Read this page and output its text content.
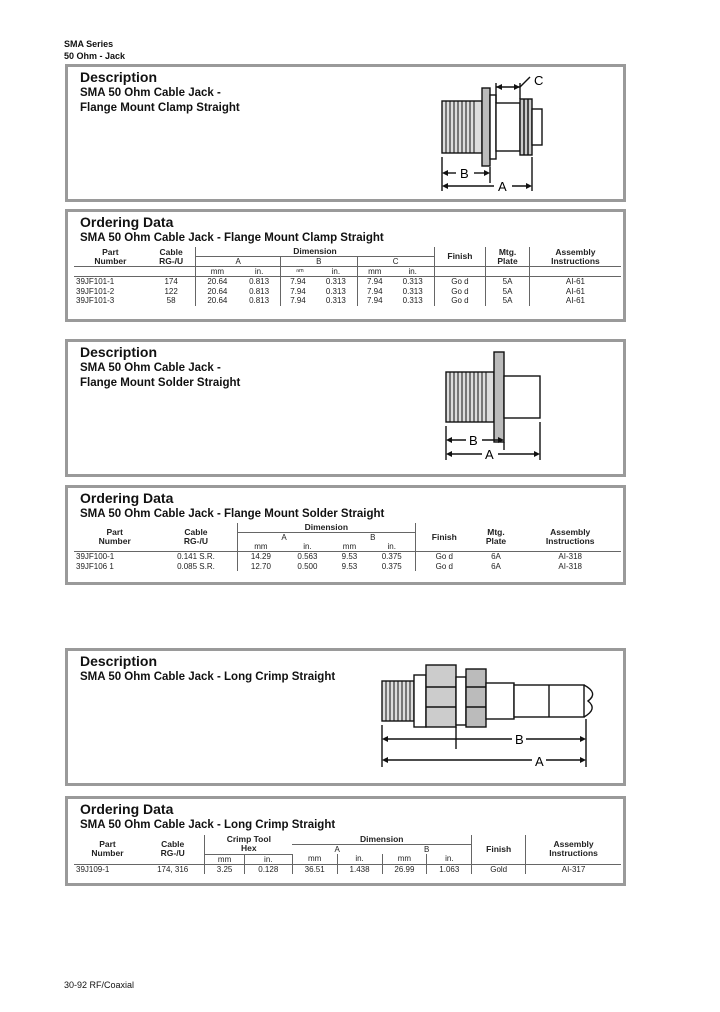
SMA Series
50 Ohm - Jack
Description
SMA 50 Ohm Cable Jack -
Flange Mount Clamp Straight
C
B
A
Ordering Data
SMA 50 Ohm Cable Jack - Flange Mount Clamp Straight
Part
Number	Cable
RG-/U	Dimension						Finish	Mtg.
Plate	Assembly
Instructions
		A		B		C				
		mm	in.	 ⁿᵐ	in.	mm	in.			
39JF101-1	174	20.64	0.813	7.94	0.313	7.94	0.313	Go d	5A	AI-61
39JF101-2	122	20.64	0.813	7.94	0.313	7.94	0.313	Go d	5A	AI-61
39JF101-3	58	20.64	0.813	7.94	0.313	7.94	0.313	Go d	5A	AI-61
Description
SMA 50 Ohm Cable Jack -
Flange Mount Solder Straight
B
A
Ordering Data
SMA 50 Ohm Cable Jack - Flange Mount Solder Straight
Part
Number	Cable
RG-/U	Dimension				Finish	Mtg.
Plate	Assembly
Instructions
		A		B				
		mm	in.	mm	in.			
39JF100-1	0.141 S.R.	14.29	0.563	9.53	0.375	Go d	6A	AI-318
39JF106 1	0.085 S.R.	12.70	0.500	9.53	0.375	Go d	6A	AI-318
Description
SMA 50 Ohm Cable Jack - Long Crimp Straight
B
A
Ordering Data
SMA 50 Ohm Cable Jack - Long Crimp Straight
Part
Number	Cable
RG-/U	Crimp Tool
Hex		Dimension				Finish	Assembly
Instructions
				A		B			
		mm	in.	mm	in.	mm	in.		
39J109-1	174, 316	3.25	0.128	36.51	1.438	26.99	1.063	Gold	AI-317
30-92 RF/Coaxial
